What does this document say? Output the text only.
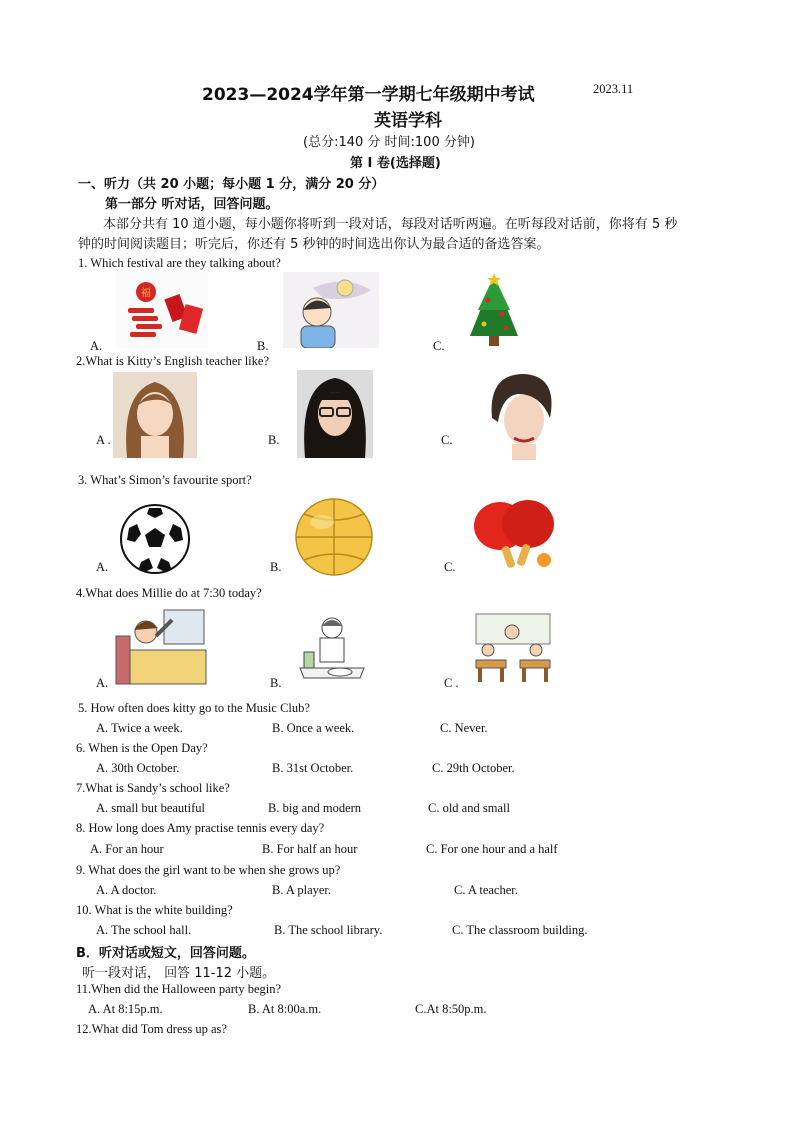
2023—2024学年第一学期七年级期中考试	2023.11
英语学科
(总分:140 分 时间:100 分钟)
第 I 卷(选择题)
一、听力（共 20 小题；每小题 1 分，满分 20 分）
第一部分 听对话，回答问题。
本部分共有 10 道小题，每小题你将听到一段对话，每段对话听两遍。在听每段对话前，你将有 5 秒
钟的时间阅读题目；听完后，你还有 5 秒钟的时间选出你认为最合适的备选答案。
1. Which festival are they talking about?
A.
福
B.	C.
2.What is Kitty’s English teacher like?
A .	B.	C.
3. What’s Simon’s favourite sport?
A.	B.	C.
4.What does Millie do at 7:30 today?
A.	B.	C .
5. How often does kitty go to the Music Club?
A. Twice a week.	B. Once a week.	C. Never.
6. When is the Open Day?
A. 30th October.	B. 31st October.	C. 29th October.
7.What is Sandy’s school like?
A. small but beautiful	B. big and modern	C. old and small
8. How long does Amy practise tennis every day?
A. For an hour	B. For half an hour	C. For one hour and a half
9. What does the girl want to be when she grows up?
A. A doctor.	B. A player.	C. A teacher.
10. What is the white building?
A. The school hall.	B. The school library.	C. The classroom building.
B．听对话或短文，回答问题。
听一段对话， 回答 11-12 小题。
11.When did the Halloween party begin?
A. At 8:15p.m.	B. At 8:00a.m.	C.At 8:50p.m.
12.What did Tom dress up as?
